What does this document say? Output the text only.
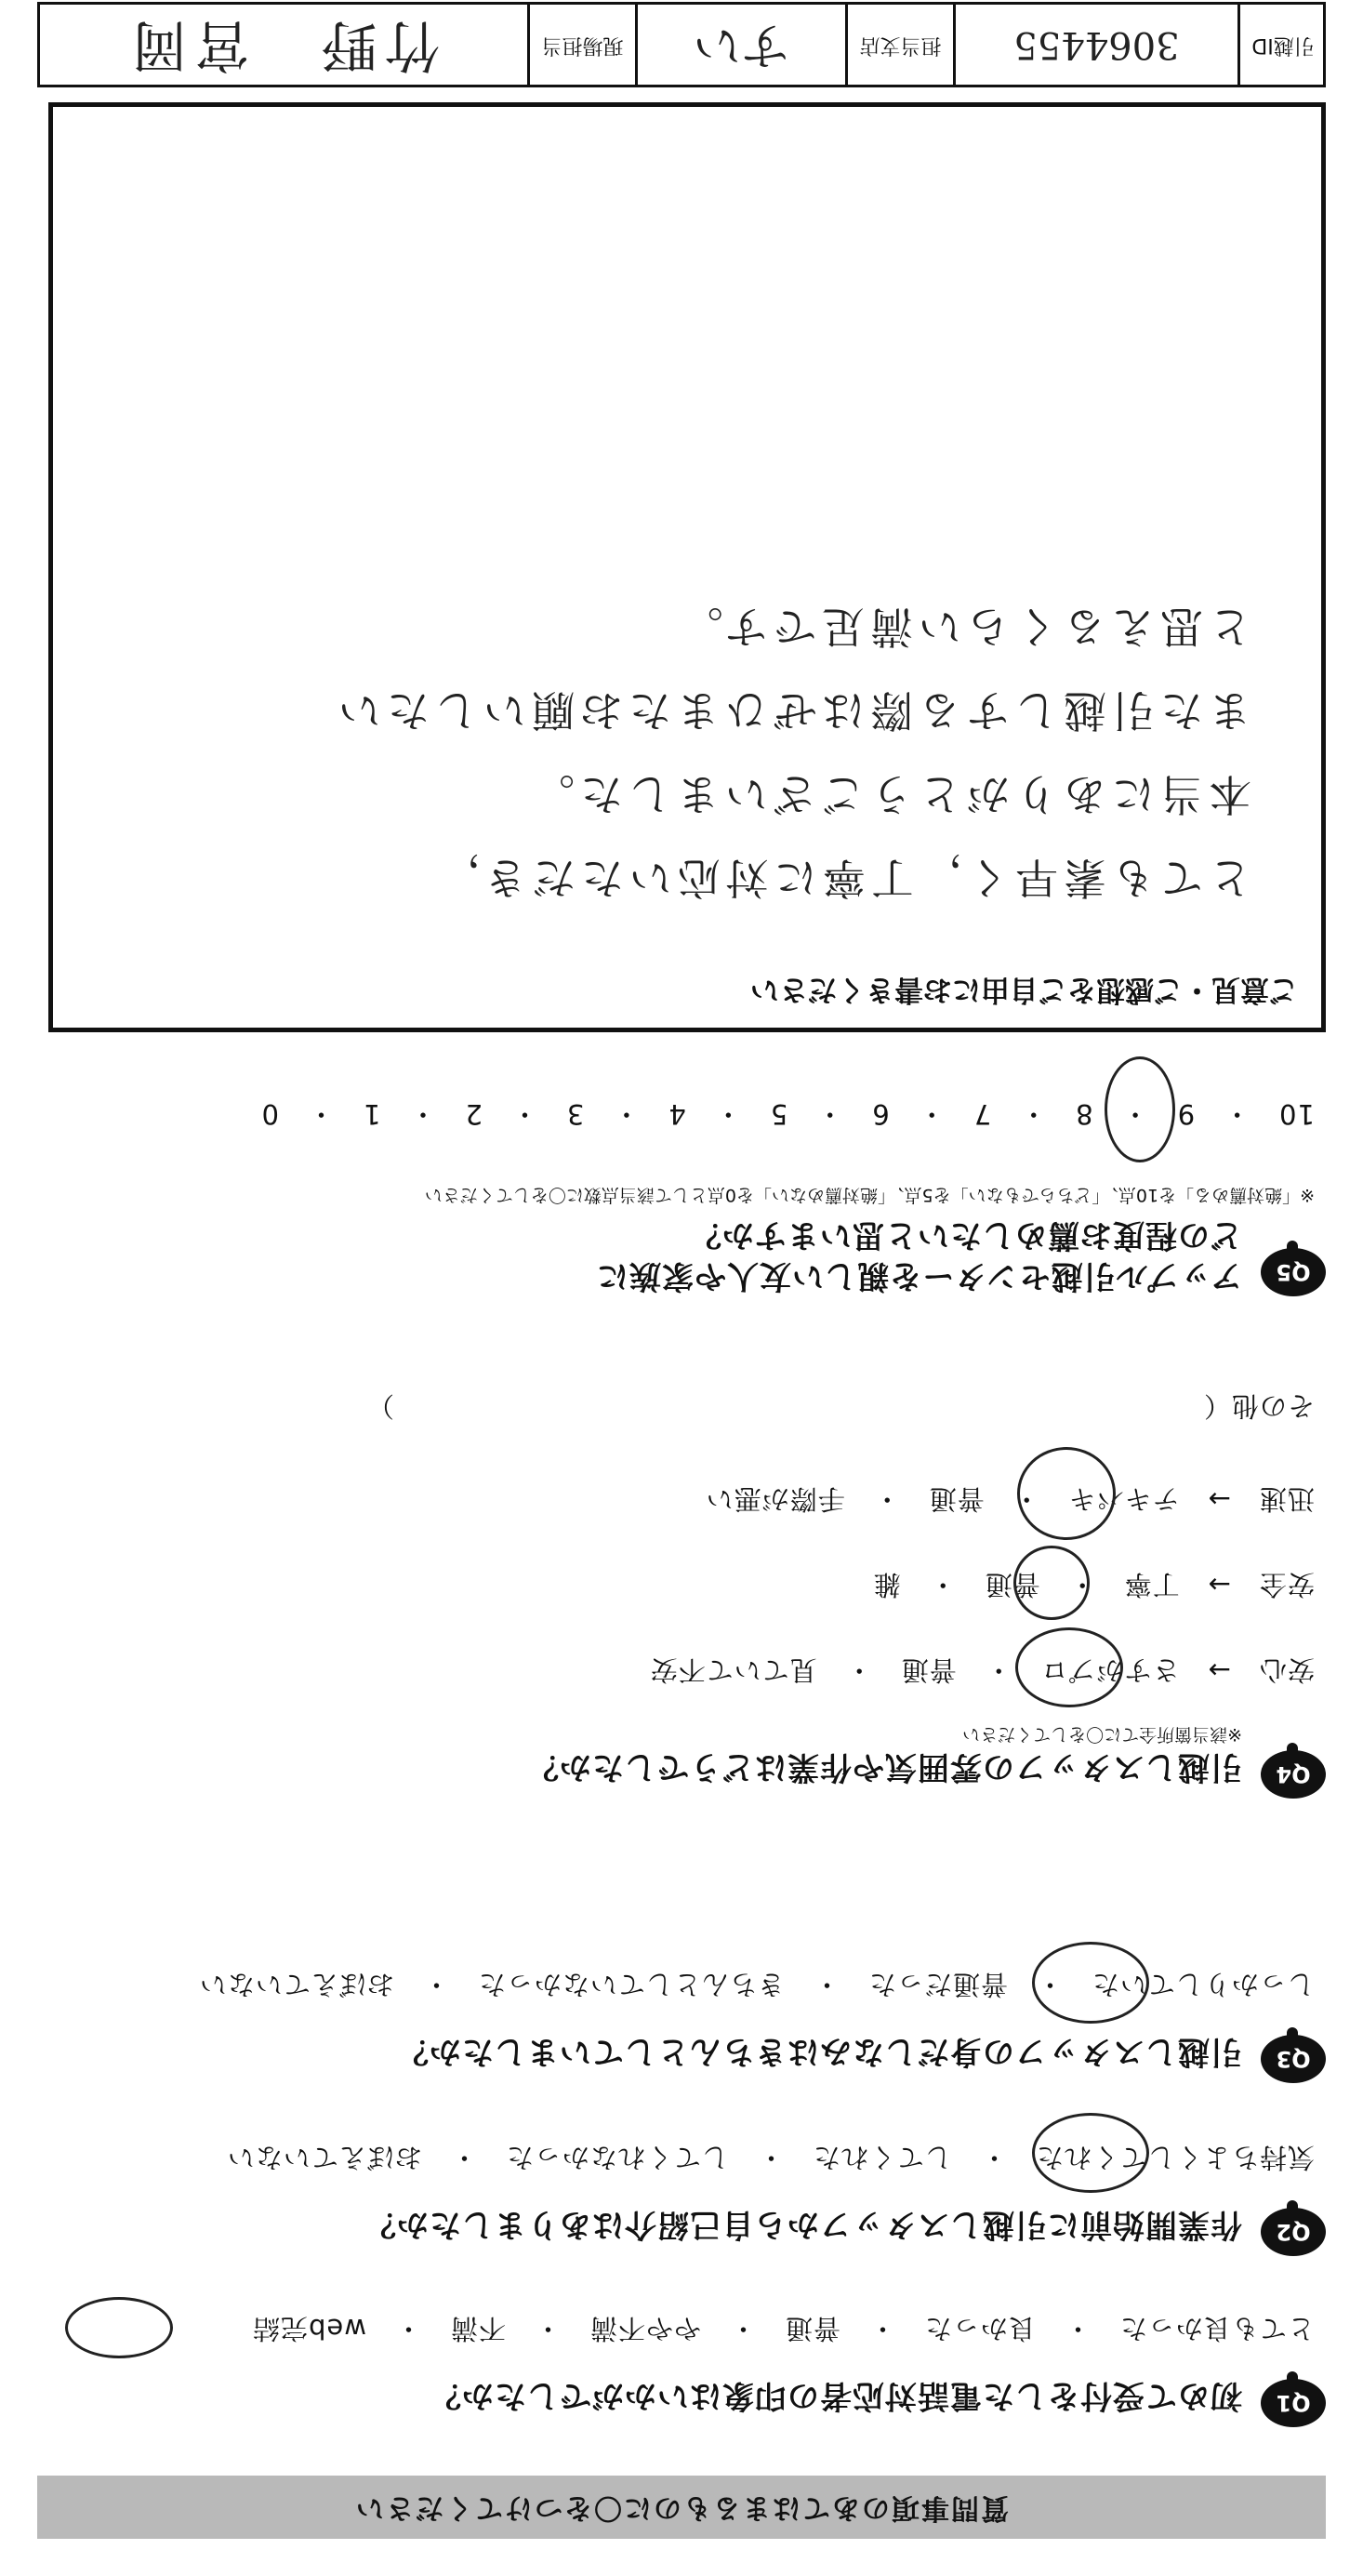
質問事項のあてはまるものに〇をつけてください
Q1
初めて受付をした電話対応者の印象はいかがでしたか？
とても良かった　・　良かった　・　普通　・　やや不満　・　不満　・　web完結
Q2
作業開始前に引越しスタッフから自己紹介はありましたか？
気持ちよくしてくれた　・　してくれた　・　してくれなかった　・　おぼえていない
Q3
引越しスタッフの身だしなみはきちんとしていましたか？
しっかりしていた　・　普通だった　・　きちんとしていなかった　・　おぼえていない
Q4
引越しスタッフの雰囲気や作業はどうでしたか？
※該当箇所全てに〇をしてください
安心　→　さすがプロ　・　普通　・　見ていて不安
安全　→　丁寧　・　普通　・　雑
迅速　→　テキパキ　・　普通　・　手際が悪い
その他（　　　　　　　　　　　　　　　　　　　　　　　　　　　　　）
Q5
アップル引越センターを親しい友人や家族に
どの程度お薦めしたいと思いますか？
※「絶対薦める」を10点、「どちらでもない」を5点、「絶対薦めない」を0点として該当点数に〇をしてください
10　・　9　・　8　・　7　・　6　・　5　・　4　・　3　・　2　・　1　・　0
ご意見・ご感想をご自由にお書きください
とても素早く，丁寧に対応いただき，
本当にありがとうございました。
また引越しする際はぜひまたお願いしたい
と思えるくらい満足です。
引越ID
3064455
担当支店
すい
現場担当
竹野　宮岡
